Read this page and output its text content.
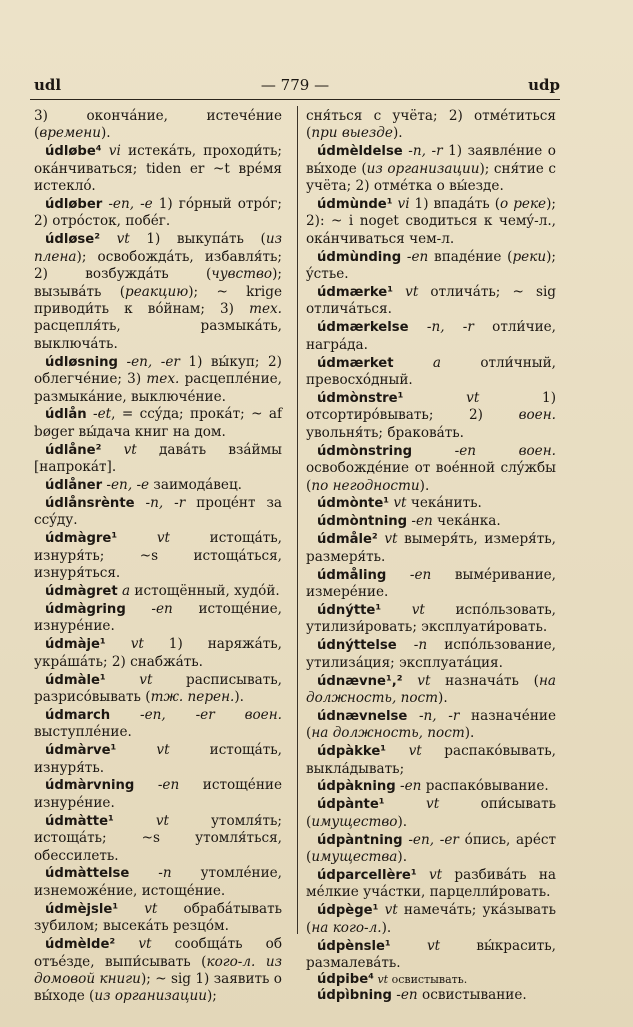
udl	— 779 —	udp
3) окончáние, истечéние (времени).
údløbe⁴ vi истекáть, проходи́ть; окáнчиваться; tiden er ~t врéмя истеклó.
údløber -en, -e 1) гóрный отрóг; 2) отрóсток, побéг.
údløse² vt 1) выкупáть (из плена); освобождáть, избавля́ть; 2) возбуждáть (чувство); вызывáть (реакцию); ~ krige приводи́ть к вóйнам; 3) тех. расцепля́ть, размыкáть, выключáть.
údløsning -en, -er 1) вы́куп; 2) облегчéние; 3) тех. расцеплéние, размыкáние, выключéние.
údlån -et, = ссýда; прокáт; ~ af bøger вы́дача книг на дом.
údlåne² vt давáть взáймы [напрокáт].
údlåner -en, -e заимодáвец.
údlånsrènte -n, -r процéнт за ссýду.
údmàgre¹	vt истощáть, изнуря́ть; ~s истощáться, изнуря́ться.
údmàgret a истощённый, худóй.
údmàgring -en истощéние, изнурéние.
údmàje¹ vt 1) наряжáть, укрáшáть; 2) снабжáть.
údmàle¹ vt расписывать, разрисóвывать (тж. перен.).
údmarch -en, -er воен. выступлéние.
údmàrve¹	vt истощáть, изнуря́ть.
údmàrvning -en истощéние изнурéние.
údmàtte¹	vt утомля́ть; истощáть; ~s утомля́ться, обессилеть.
údmàttelse -n утомлéние, изнеможéние, истощéние.
údmèjsle¹ vt обрабáтывать зубилом; высекáть резцóм.
údmèlde² vt сообщáть об отъéзде, выпи́сывать (кого-л. из домовой книги); ~ sig 1) заявить о вы́ходе (из организации);
сня́ться с учёта; 2) отмéтиться (при выезде).
údmèldelse -n, -r 1) заявлéние о вы́ходе (из организации); сня́тие с учёта; 2) отмéтка о вы́езде.
údmùnde¹ vi 1) впадáть (о реке); 2): ~ i noget сводиться к чемý-л., окáнчиваться чем-л.
údmùnding -en впадéние (реки); ýстье.
údmærke¹ vt отличáть; ~ sig отличáться.
údmærkelse -n, -r отли́чие, нагрáда.
údmærket	a отли́чный, превосхóдный.
údmònstre¹	vt 1) отсортирóвывать; 2) воен. увольня́ть; бракoвáть.
údmònstring	-en воен. освобождéние от воéнной слýжбы (по негодности).
údmònte¹ vt чекáнить.
údmòntning -en чекáнка.
údmåle² vt вымеря́ть, измеря́ть, размеря́ть.
údmåling -en вымéривание, измерéние.
údnýtte¹ vt испóльзовать, утилизи́ровать; эксплуати́ровать.
údnýttelse -n испóльзование, утилизáция; эксплуатáция.
údnævne¹,² vt назначáть (на должность, пост).
údnævnelse -n, -r назначéние (на должность, пост).
údpàkke¹ vt распакóвывать, выкла́дывать;
údpàkning -en распакóвывание.
údpànte¹	vt опи́сывать (имущество).
údpàntning -en, -er óпись, арéст (имущества).
údparcellère¹ vt разбивáть на мéлкие учáстки, парцелли́ровать.
údpège¹ vt намечáть; укáзывать (на кого-л.).
údpènsle¹	vt вы́красить, размалевáть.
údpibe⁴ vt освистывать.
údpìbning -en освистывание.
